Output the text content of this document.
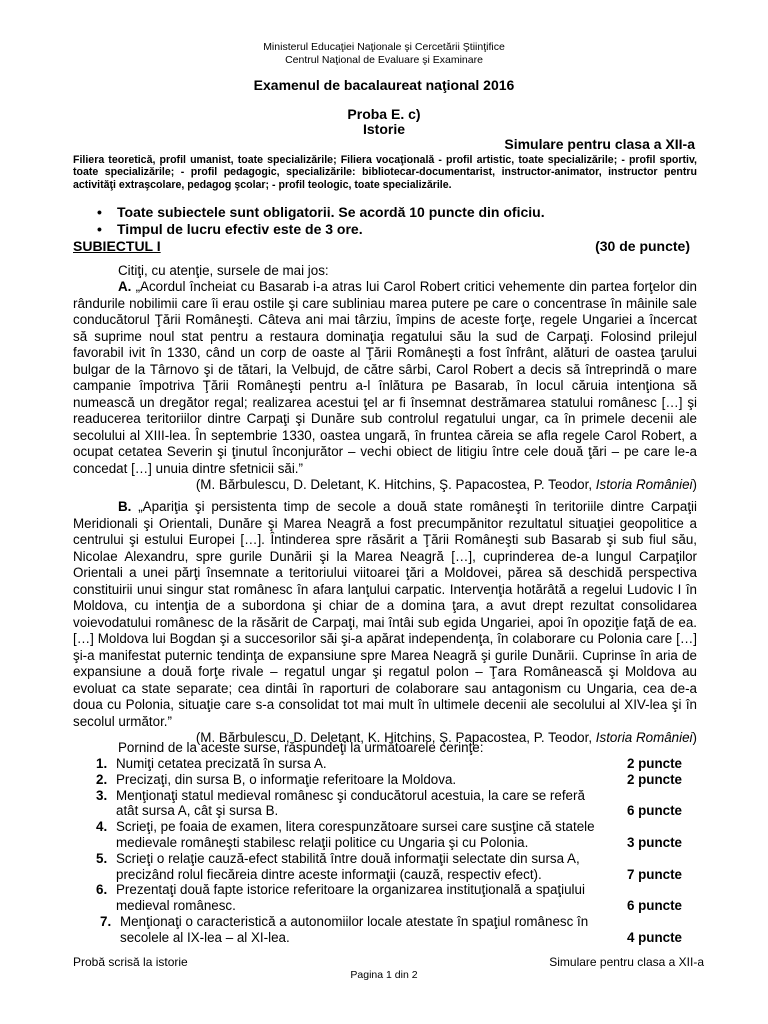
Ministerul Educaţiei Naţionale şi Cercetării Ştiinţifice
Centrul Naţional de Evaluare şi Examinare
Examenul de bacalaureat naţional 2016
Proba E. c)
Istorie
Simulare pentru clasa a XII-a
Filiera teoretică, profil umanist, toate specializările; Filiera vocaţională - profil artistic, toate specializările; - profil sportiv, toate specializările; - profil pedagogic, specializările: bibliotecar-documentarist, instructor-animator, instructor pentru activităţi extraşcolare, pedagog şcolar; - profil teologic, toate specializările.
• Toate subiectele sunt obligatorii. Se acordă 10 puncte din oficiu.
• Timpul de lucru efectiv este de 3 ore.
SUBIECTUL I	(30 de puncte)
Citiţi, cu atenţie, sursele de mai jos:

A. „Acordul încheiat cu Basarab i-a atras lui Carol Robert critici vehemente din partea forţelor din rândurile nobilimii care îi erau ostile şi care subliniau marea putere pe care o concentrase în mâinile sale conducătorul Ţării Româneşti. Câteva ani mai târziu, împins de aceste forţe, regele Ungariei a încercat să suprime noul stat pentru a restaura dominaţia regatului său la sud de Carpaţi. Folosind prilejul favorabil ivit în 1330, când un corp de oaste al Ţării Româneşti a fost înfrânt, alături de oastea ţarului bulgar de la Târnovo şi de tătari, la Velbujd, de către sârbi, Carol Robert a decis să întreprindă o mare campanie împotriva Ţării Româneşti pentru a-l înlătura pe Basarab, în locul căruia intenţiona să numească un dregător regal; realizarea acestui ţel ar fi însemnat destrămarea statului românesc […] şi readucerea teritoriilor dintre Carpaţi şi Dunăre sub controlul regatului ungar, ca în primele decenii ale secolului al XIII-lea. În septembrie 1330, oastea ungară, în fruntea căreia se afla regele Carol Robert, a ocupat cetatea Severin şi ţinutul înconjurător – vechi obiect de litigiu între cele două ţări – pe care le-a concedat […] unuia dintre sfetnicii săi.”

(M. Bărbulescu, D. Deletant, K. Hitchins, Ş. Papacostea, P. Teodor, Istoria României)

B. „Apariţia şi persistenta timp de secole a două state româneşti în teritoriile dintre Carpaţii Meridionali şi Orientali, Dunăre şi Marea Neagră a fost precumpănitor rezultatul situaţiei geopolitice a centrului şi estului Europei […]. Întinderea spre răsărit a Ţării Româneşti sub Basarab şi sub fiul său, Nicolae Alexandru, spre gurile Dunării şi la Marea Neagră […], cuprinderea de-a lungul Carpaţilor Orientali a unei părţi însemnate a teritoriului viitoarei ţări a Moldovei, părea să deschidă perspectiva constituirii unui singur stat românesc în afara lanţului carpatic. Intervenţia hotărâtă a regelui Ludovic I în Moldova, cu intenţia de a subordona şi chiar de a domina ţara, a avut drept rezultat consolidarea voievodatului românesc de la răsărit de Carpaţi, mai întâi sub egida Ungariei, apoi în opoziţie faţă de ea. […] Moldova lui Bogdan şi a succesorilor săi şi-a apărat independenţa, în colaborare cu Polonia care […] şi-a manifestat puternic tendinţa de expansiune spre Marea Neagră şi gurile Dunării. Cuprinse în aria de expansiune a două forţe rivale – regatul ungar şi regatul polon – Ţara Românească şi Moldova au evoluat ca state separate; cea dintâi în raporturi de colaborare sau antagonism cu Ungaria, cea de-a doua cu Polonia, situaţie care s-a consolidat tot mai mult în ultimele decenii ale secolului al XIV-lea şi în secolul următor.”

(M. Bărbulescu, D. Deletant, K. Hitchins, Ş. Papacostea, P. Teodor, Istoria României)

Pornind de la aceste surse, răspundeţi la următoarele cerinţe:
1. Numiţi cetatea precizată în sursa A.	2 puncte
2. Precizaţi, din sursa B, o informaţie referitoare la Moldova.	2 puncte
3. Menţionaţi statul medieval românesc şi conducătorul acestuia, la care se referă atât sursa A, cât şi sursa B.	6 puncte
4. Scrieţi, pe foaia de examen, litera corespunzătoare sursei care susţine că statele medievale româneşti stabilesc relaţii politice cu Ungaria şi cu Polonia.	3 puncte
5. Scrieţi o relaţie cauză-efect stabilită între două informaţii selectate din sursa A, precizând rolul fiecăreia dintre aceste informaţii (cauză, respectiv efect).	7 puncte
6. Prezentaţi două fapte istorice referitoare la organizarea instituţională a spaţiului medieval românesc.	6 puncte
7. Menţionaţi o caracteristică a autonomiilor locale atestate în spaţiul românesc în secolele al IX-lea – al XI-lea.	4 puncte
Probă scrisă la istorie	Simulare pentru clasa a XII-a
Pagina 1 din 2
